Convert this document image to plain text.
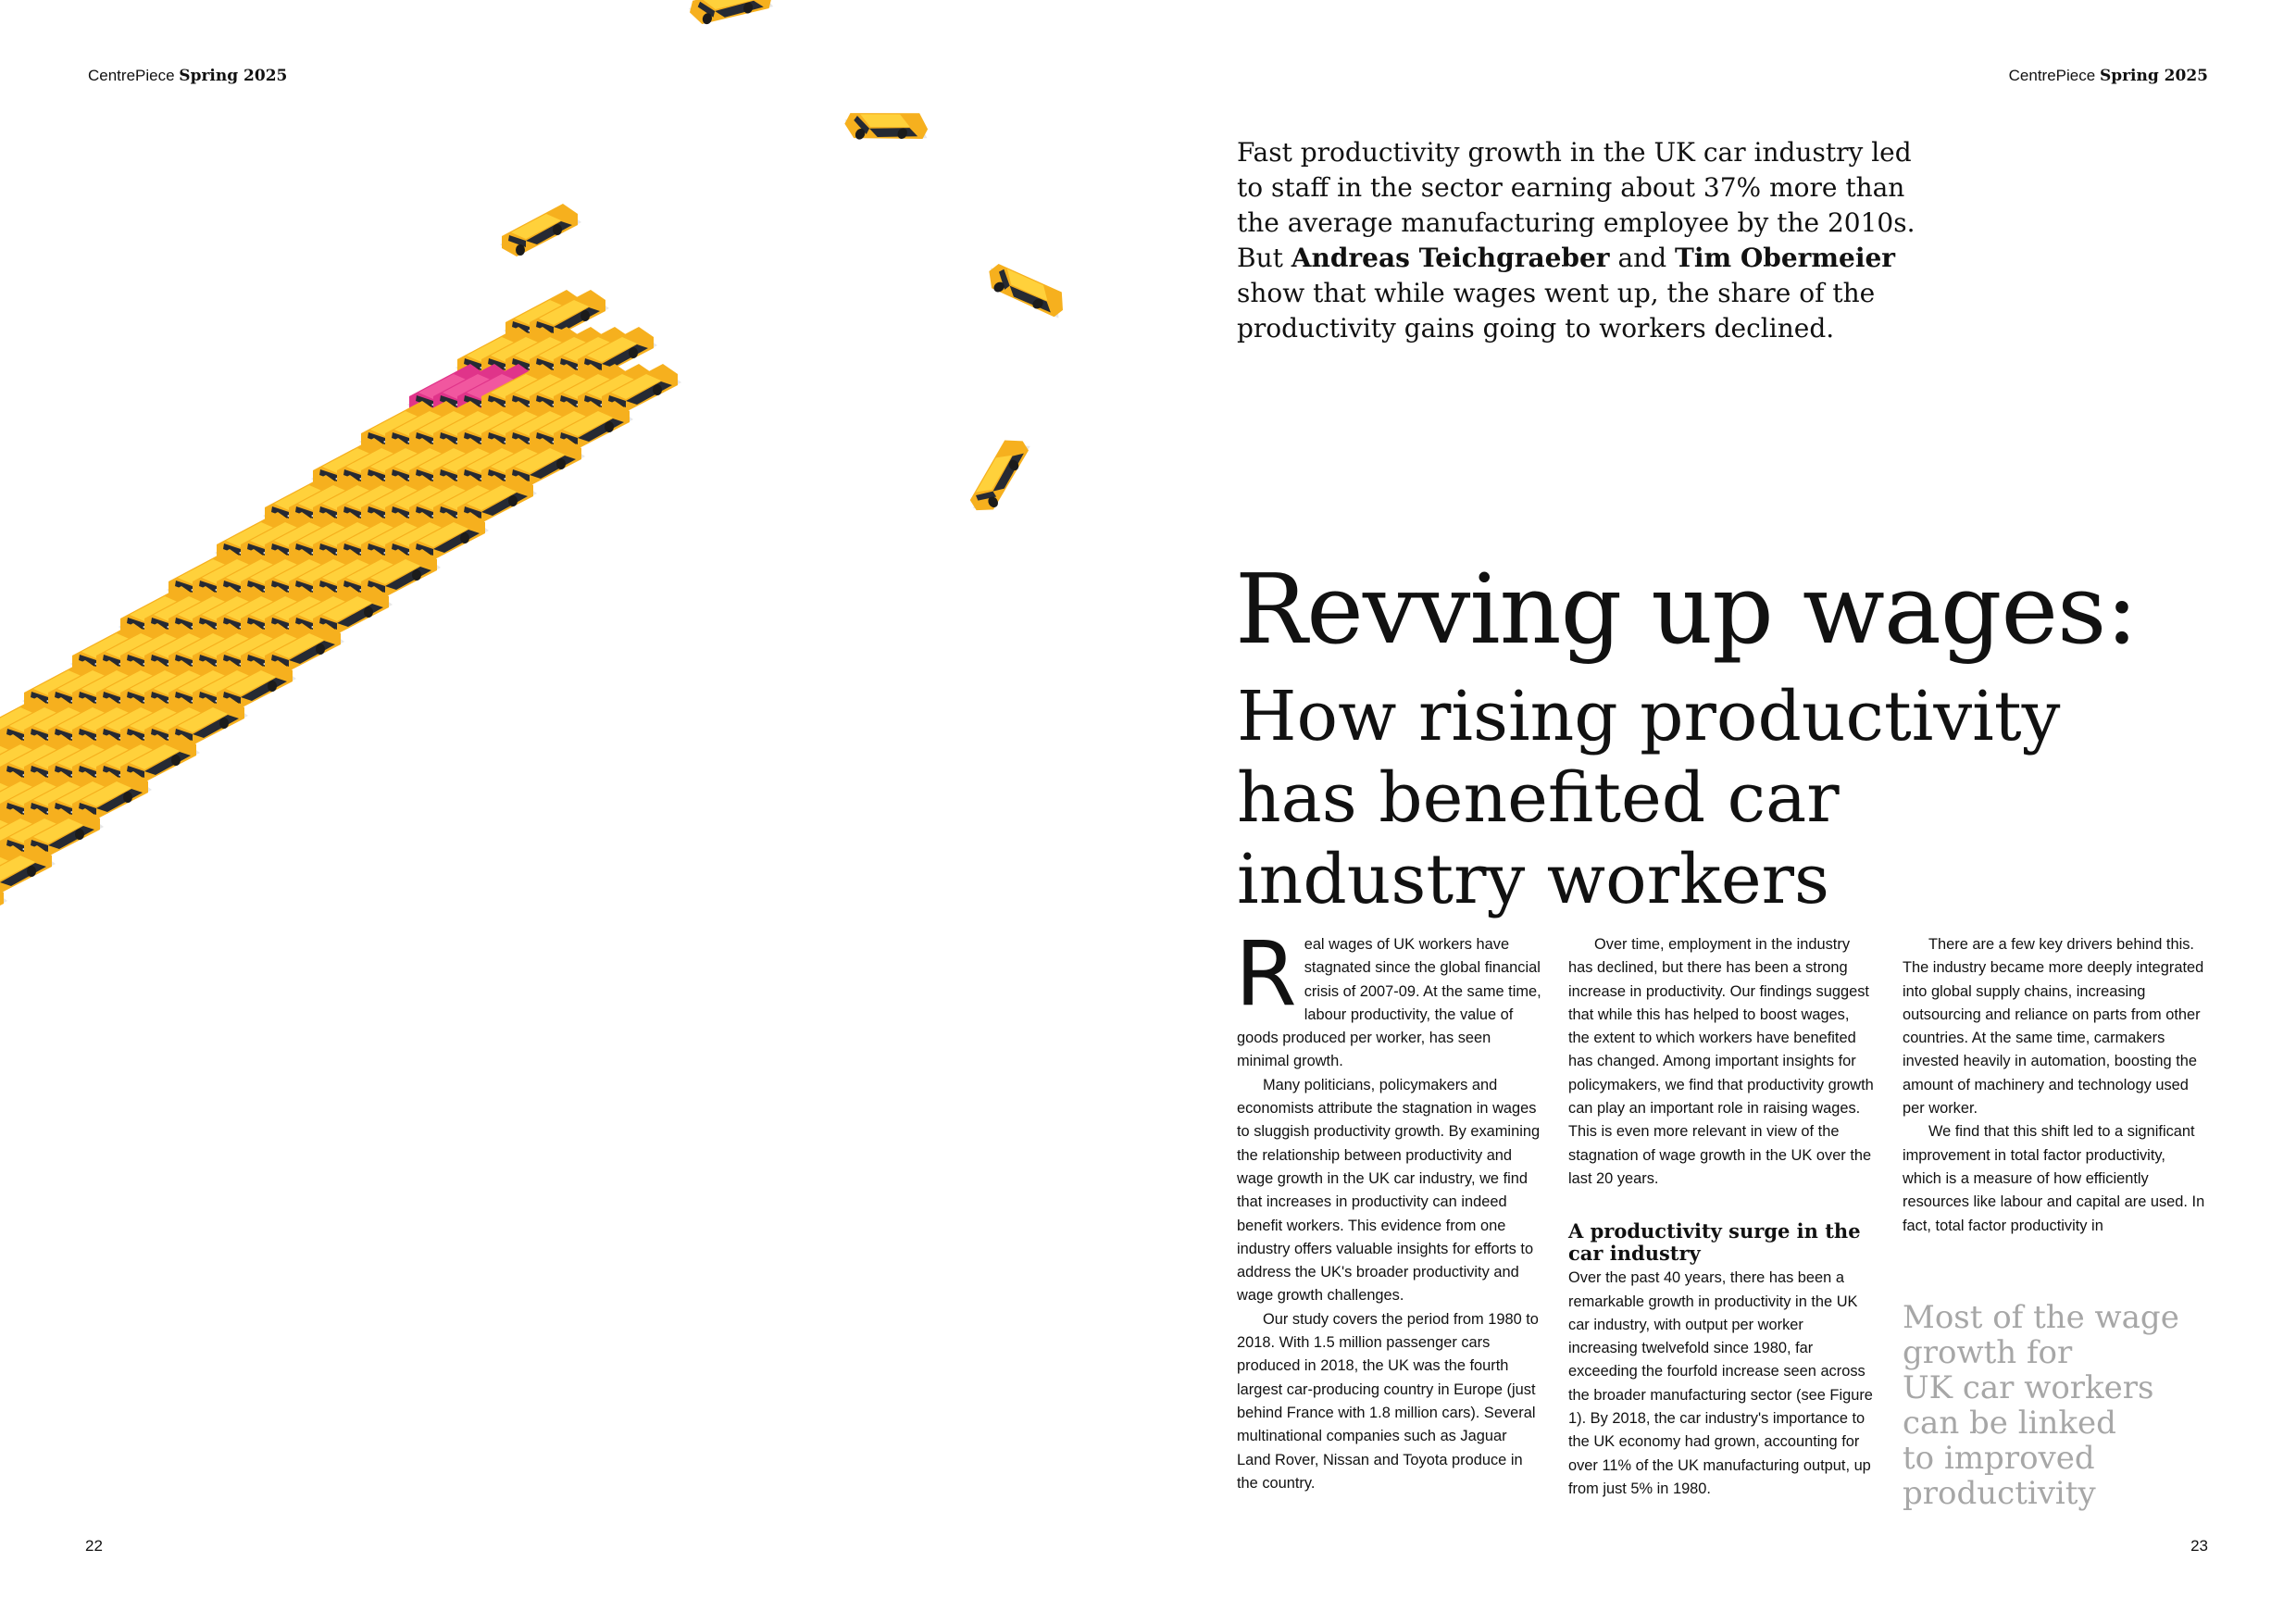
CentrePiece Spring 2025	CentrePiece Spring 2025
Fast productivity growth in the UK car industry led to staff in the sector earning about 37% more than the average manufacturing employee by the 2010s. But Andreas Teichgraeber and Tim Obermeier show that while wages went up, the share of the productivity gains going to workers declined.
Revving up wages:
How rising productivity
has benefited car
industry workers

Real wages of UK workers have stagnated since the global financial crisis of 2007-09. At the same time, labour productivity, the value of goods produced per worker, has seen minimal growth.

Many politicians, policymakers and economists attribute the stagnation in wages to sluggish productivity growth. By examining the relationship between productivity and wage growth in the UK car industry, we find that increases in productivity can indeed benefit workers. This evidence from one industry offers valuable insights for efforts to address the UK's broader productivity and wage growth challenges.

Our study covers the period from 1980 to 2018. With 1.5 million passenger cars produced in 2018, the UK was the fourth largest car-producing country in Europe (just behind France with 1.8 million cars). Several multinational companies such as Jaguar Land Rover, Nissan and Toyota produce in the country.

Over time, employment in the industry has declined, but there has been a strong increase in productivity. Our findings suggest that while this has helped to boost wages, the extent to which workers have benefited has changed. Among important insights for policymakers, we find that productivity growth can play an important role in raising wages. This is even more relevant in view of the stagnation of wage growth in the UK over the last 20 years.

A productivity surge in the car industry

Over the past 40 years, there has been a remarkable growth in productivity in the UK car industry, with output per worker increasing twelvefold since 1980, far exceeding the fourfold increase seen across the broader manufacturing sector (see Figure 1). By 2018, the car industry's importance to the UK economy had grown, accounting for over 11% of the UK manufacturing output, up from just 5% in 1980.

There are a few key drivers behind this. The industry became more deeply integrated into global supply chains, increasing outsourcing and reliance on parts from other countries. At the same time, carmakers invested heavily in automation, boosting the amount of machinery and technology used per worker.

We find that this shift led to a significant improvement in total factor productivity, which is a measure of how efficiently resources like labour and capital are used. In fact, total factor productivity in

Most of the wage
growth for
UK car workers
can be linked
to improved
productivity
22	23
